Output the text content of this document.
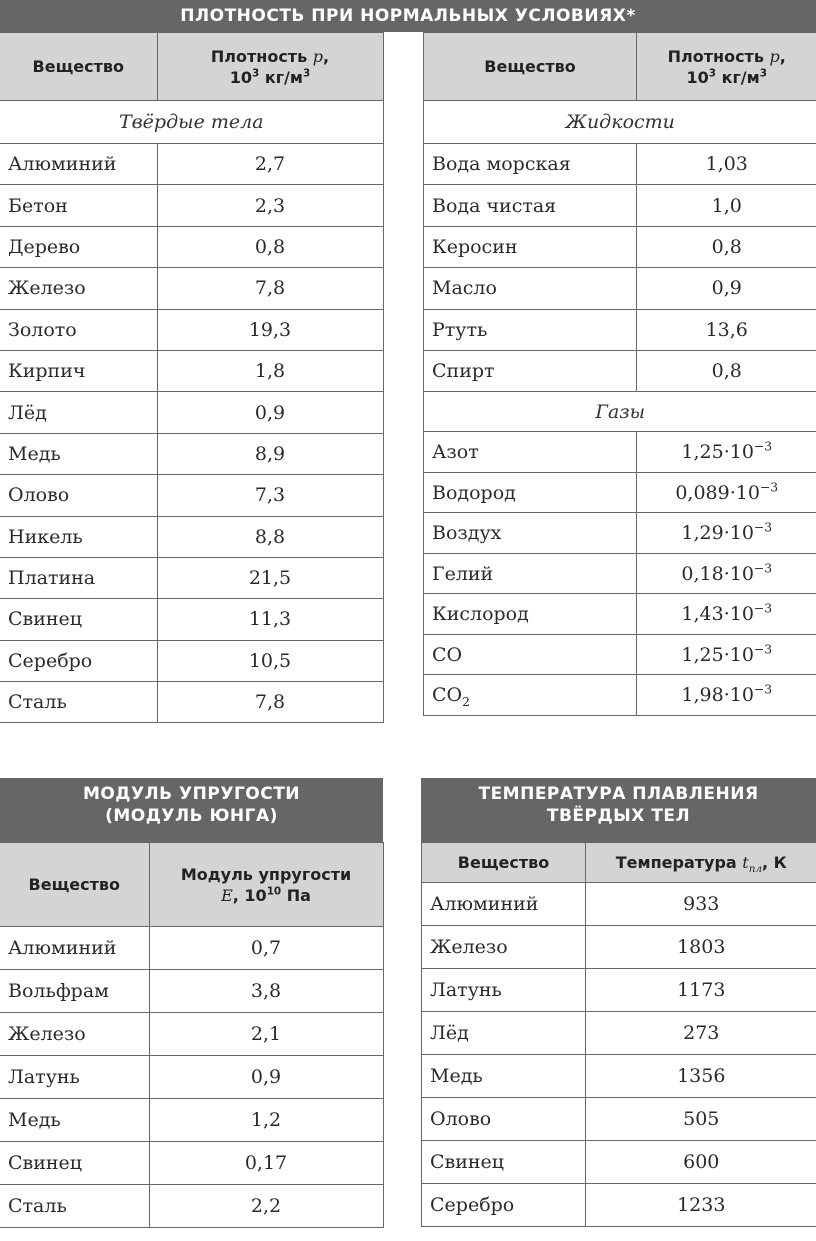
ПЛОТНОСТЬ ПРИ НОРМАЛЬНЫХ УСЛОВИЯХ*
Вещество	Плотность p,
$10^3$ $кг/м^3$
Твёрдые тела	
Алюминий	2,7
Бетон	2,3
Дерево	0,8
Железо	7,8
Золото	19,3
Кирпич	1,8
Лёд	0,9
Медь	8,9
Олово	7,3
Никель	8,8
Платина	21,5
Свинец	11,3
Серебро	10,5
Сталь	7,8
Вещество	Плотность p,
$10^3$ $кг/м^3$
Жидкости	
Вода морская	1,03
Вода чистая	1,0
Керосин	0,8
Масло	0,9
Ртуть	13,6
Спирт	0,8
Газы	
Азот	$1,25\cdot 10^{-3}$
Водород	$0,089\cdot 10^{-3}$
Воздух	$1,29\cdot 10^{-3}$
Гелий	$0,18\cdot 10^{-3}$
Кислород	$1,43\cdot 10^{-3}$
CO	$1,25\cdot 10^{-3}$
$CO_2$	$1,98\cdot 10^{-3}$
МОДУЛЬ УПРУГОСТИ
(МОДУЛЬ ЮНГА)
Вещество	Модуль упругости
E, $10^{10}$ Па
Алюминий	0,7
Вольфрам	3,8
Железо	2,1
Латунь	0,9
Медь	1,2
Свинец	0,17
Сталь	2,2
ТЕМПЕРАТУРА ПЛАВЛЕНИЯ
ТВЁРДЫХ ТЕЛ
Вещество	Температура $t_{пл}$, К
Алюминий	933
Железо	1803
Латунь	1173
Лёд	273
Медь	1356
Олово	505
Свинец	600
Серебро	1233
